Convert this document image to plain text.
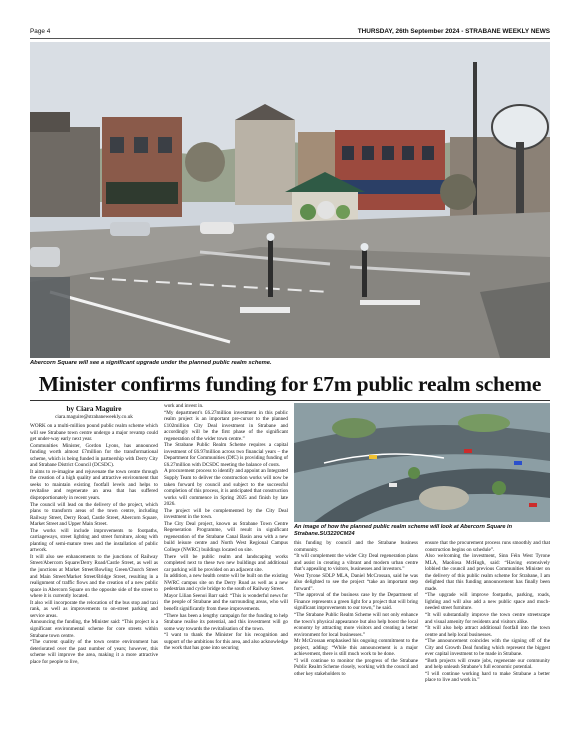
Page 4	THURSDAY, 26th September 2024 - STRABANE WEEKLY NEWS
Abercorn Square will see a significant upgrade under the planned public realm scheme.
Minister confirms funding for £7m public realm scheme

by Ciara Maguire

ciara.maguire@strabaneweekly.co.uk

WORK on a multi-million pound public realm scheme which will see Strabane town centre undergo a major revamp could get under-way early next year.

Communities Minister, Gordon Lyons, has announced funding worth almost £7million for the transformational scheme, which is being funded in partnership with Derry City and Strabane District Council (DCSDC).

It aims to re-imagine and rejuvenate the town centre through the creation of a high quality and attractive environment that seeks to maintain existing footfall levels and helps to revitalise and regenerate an area that has suffered disproportionately in recent years.

The council will lead on the delivery of the project, which plans to transform areas of the town centre, including Railway Street, Derry Road, Castle Street, Abercorn Square, Market Street and Upper Main Street.

The works will include improvements to footpaths, carriageways, street lighting and street furniture, along with planting of semi-mature trees and the installation of public artwork.

It will also see enhancements to the junctions of Railway Street/Abercorn Square/Derry Road/Castle Street, as well as the junctions at Market Street/Bowling Green/Church Street and Main Street/Market Street/Bridge Street, resulting in a realignment of traffic flows and the creation of a new public space in Abercorn Square on the opposite side of the street to where it is currently located.

It also will incorporate the relocation of the bus stop and taxi rank, as well as improvements to on-street parking and service areas.

Announcing the funding, the Minister said: “This project is a significant environmental scheme for core streets within Strabane town centre.

“The current quality of the town centre environment has deteriorated over the past number of years; however, this scheme will improve the area, making it a more attractive place for people to live,

work and invest in.

“My department’s £6.27million investment in this public realm project is an important pre-cursor to the planned £102million City Deal investment in Strabane and accordingly will be the first phase of the significant regeneration of the wider town centre.”

The Strabane Public Realm Scheme requires a capital investment of £6.97million across two financial years – the Department for Communities (DfC) is providing funding of £6.27million with DCSDC meeting the balance of costs.

A procurement process to identify and appoint an Integrated Supply Team to deliver the construction works will now be taken forward by council and subject to the successful completion of this process, it is anticipated that construction works will commence in Spring 2025 and finish by late 2026.

The project will be complemented by the City Deal investment in the town.

The City Deal project, known as Strabane Town Centre Regeneration Programme, will result in significant regeneration of the Strabane Canal Basin area with a new build leisure centre and North West Regional Campus College (NWRC) buildings located on site.

There will be public realm and landscaping works completed next to these two new buildings and additional car parking will be provided on an adjacent site.

In addition, a new health centre will be built on the existing NWRC campus site on the Derry Road as well as a new pedestrian and cycle bridge to the south of Railway Street.

Mayor Lilian Seenoi Barr said: “This is wonderful news for the people of Strabane and the surrounding areas, who will benefit significantly from these improvements.

“There has been a lengthy campaign for the funding to help Strabane realise its potential, and this investment will go some way towards the revitalisation of the town.

“I want to thank the Minister for his recognition and support of the ambitions for this area, and also acknowledge the work that has gone into securing

An image of how the planned public realm scheme will look at Abercorn Square in Strabane.SU3220CM24

this funding by council and the Strabane business community.

“It will complement the wider City Deal regeneration plans and assist in creating a vibrant and modern urban centre that’s appealing to visitors, businesses and investors.”

West Tyrone SDLP MLA, Daniel McCrossan, said he was also delighted to see the project “take an important step forward”.

“The approval of the business case by the Department of Finance represents a green light for a project that will bring significant improvements to our town,” he said.

“The Strabane Public Realm Scheme will not only enhance the town’s physical appearance but also help boost the local economy by attracting more visitors and creating a better environment for local businesses.”

Mr McCrossan emphasised his ongoing commitment to the project, adding: “While this announcement is a major achievement, there is still much work to be done.

“I will continue to monitor the progress of the Strabane Public Realm Scheme closely, working with the council and other key stakeholders to

ensure that the procurement process runs smoothly and that construction begins on schedule”.

Also welcoming the investment, Sinn Féin West Tyrone MLA, Maolíosa McHugh, said: “Having extensively lobbied the council and previous Communities Minister on the delivery of this public realm scheme for Strabane, I am delighted that this funding announcement has finally been made.

“The upgrade will improve footpaths, parking, roads, lighting and will also add a new public space and much-needed street furniture.

“It will substantially improve the town centre streetscape and visual amenity for residents and visitors alike.

“It will also help attract additional footfall into the town centre and help local businesses.

“The announcement coincides with the signing off of the City and Growth Deal funding which represent the biggest ever capital investment to be made in Strabane.

“Both projects will create jobs, regenerate our community and help unleash Strabane’s full economic potential.

“I will continue working hard to make Strabane a better place to live and work in.”
